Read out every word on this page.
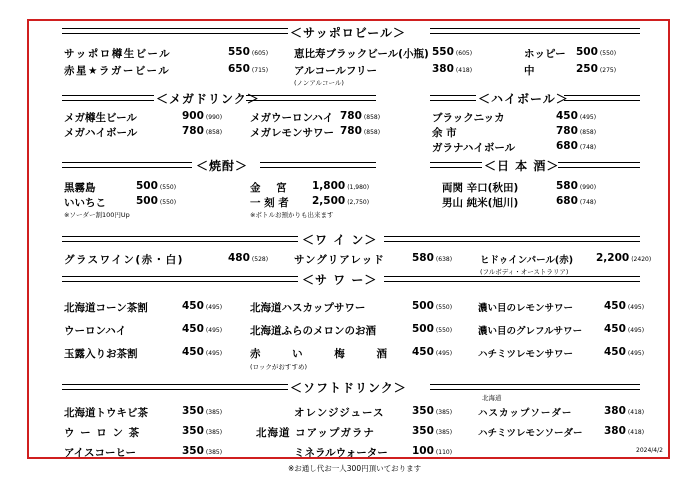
＜サッポロビール＞
サッポロ樽生ビール	550 (605)
赤星★ラガービール	650 (715)
恵比寿ブラックビール(小瓶) 550 (605)
アルコールフリー	380 (418)
(ノンアルコール)
ホッピー 500 (550)
中	250 (275)
＜メガドリンク＞	＜ハイボール＞
メガ樽生ビール	900 (990)
メガハイボール	780 (858)
メガウーロンハイ 780 (858)
メガレモンサワー 780 (858)
ブラックニッカ	450 (495)
余 市	780 (858)
ガラナハイボール	680 (748)
＜焼酎＞	＜日 本 酒＞
黒霧島	500 (550)
いいちこ	500 (550)
※ソーダー割100円Up
金 宮 1,800 (1,980)
一 刻 者 2,500 (2,750)
※ボトルお預かりも出来ます
両関 辛口(秋田)	580 (990)
男山 純米(旭川)	680 (748)
＜ワ イ ン＞
グラスワイン(赤・白)	480 (528) サングリアレッド	580 (638)	ヒドゥインパール(赤) 2,200 (2420)
(フルボディ・オーストラリア)
＜サ ワ ー＞
北海道コーン茶割	450 (495)
ウーロンハイ	450 (495)
玉露入りお茶割	450 (495)
北海道ハスカップサワー	500 (550)
北海道ふらのメロンのお酒	500 (550)
赤 い 梅 酒 450 (495)
(ロックがおすすめ)
濃い目のレモンサワー	450 (495)
濃い目のグレフルサワー 450 (495)
ハチミツレモンサワー	450 (495)
＜ソフトドリンク＞
北海道トウキビ茶	350 (385)
ウ ー ロ ン 茶	350 (385)
アイスコーヒー	350 (385)
オレンジジュース	350 (385)
北海道 コアップガラナ	350 (385)
ミネラルウォーター 100 (110)
北海道
ハスカップソーダー	380 (418)
ハチミツレモンソーダー 380 (418)
2024/4/2
※お通し代お一人300円頂いております
